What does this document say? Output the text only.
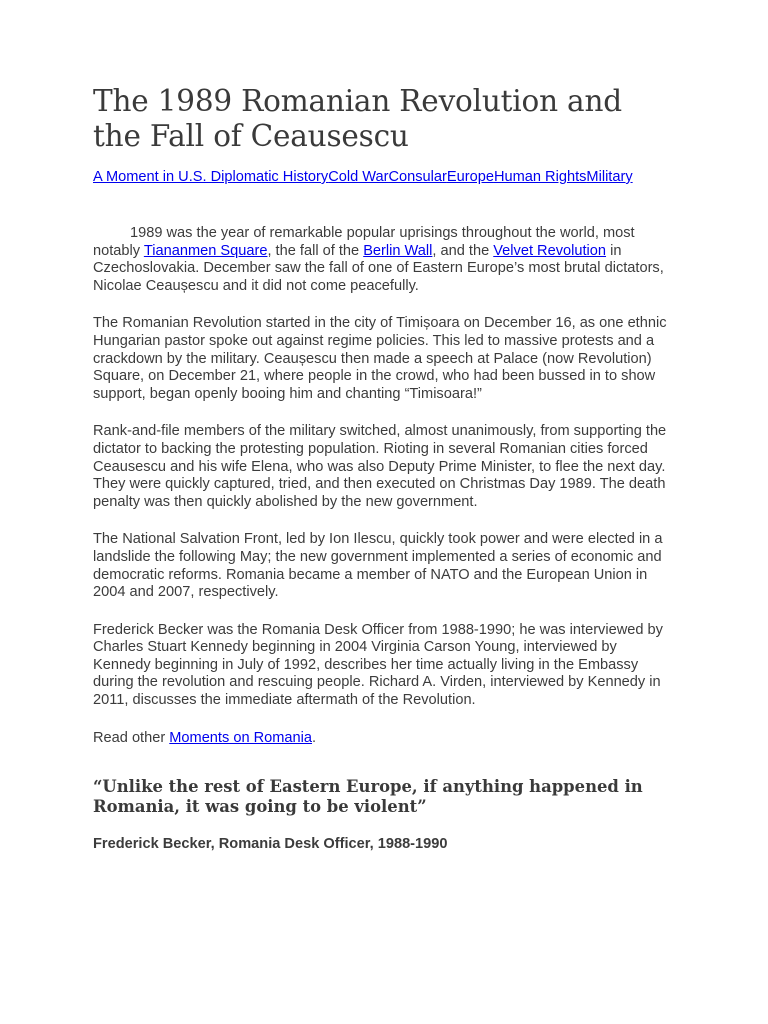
The 1989 Romanian Revolution and the Fall of Ceausescu
A Moment in U.S. Diplomatic HistoryCold WarConsularEuropeHuman RightsMilitary

1989 was the year of remarkable popular uprisings throughout the world, most notably Tiananmen Square, the fall of the Berlin Wall, and the Velvet Revolution in Czechoslovakia. December saw the fall of one of Eastern Europe’s most brutal dictators, Nicolae Ceaușescu and it did not come peacefully.

The Romanian Revolution started in the city of Timișoara on December 16, as one ethnic Hungarian pastor spoke out against regime policies. This led to massive protests and a crackdown by the military. Ceaușescu then made a speech at Palace (now Revolution) Square, on December 21, where people in the crowd, who had been bussed in to show support, began openly booing him and chanting “Timisoara!”

Rank-and-file members of the military switched, almost unanimously, from supporting the dictator to backing the protesting population. Rioting in several Romanian cities forced Ceausescu and his wife Elena, who was also Deputy Prime Minister, to flee the next day. They were quickly captured, tried, and then executed on Christmas Day 1989. The death penalty was then quickly abolished by the new government.

The National Salvation Front, led by Ion Ilescu, quickly took power and were elected in a landslide the following May; the new government implemented a series of economic and democratic reforms. Romania became a member of NATO and the European Union in 2004 and 2007, respectively.

Frederick Becker was the Romania Desk Officer from 1988-1990; he was interviewed by Charles Stuart Kennedy beginning in 2004 Virginia Carson Young, interviewed by Kennedy beginning in July of 1992, describes her time actually living in the Embassy during the revolution and rescuing people. Richard A. Virden, interviewed by Kennedy in 2011, discusses the immediate aftermath of the Revolution.

Read other Moments on Romania.

“Unlike the rest of Eastern Europe, if anything happened in Romania, it was going to be violent”

Frederick Becker, Romania Desk Officer, 1988-1990
